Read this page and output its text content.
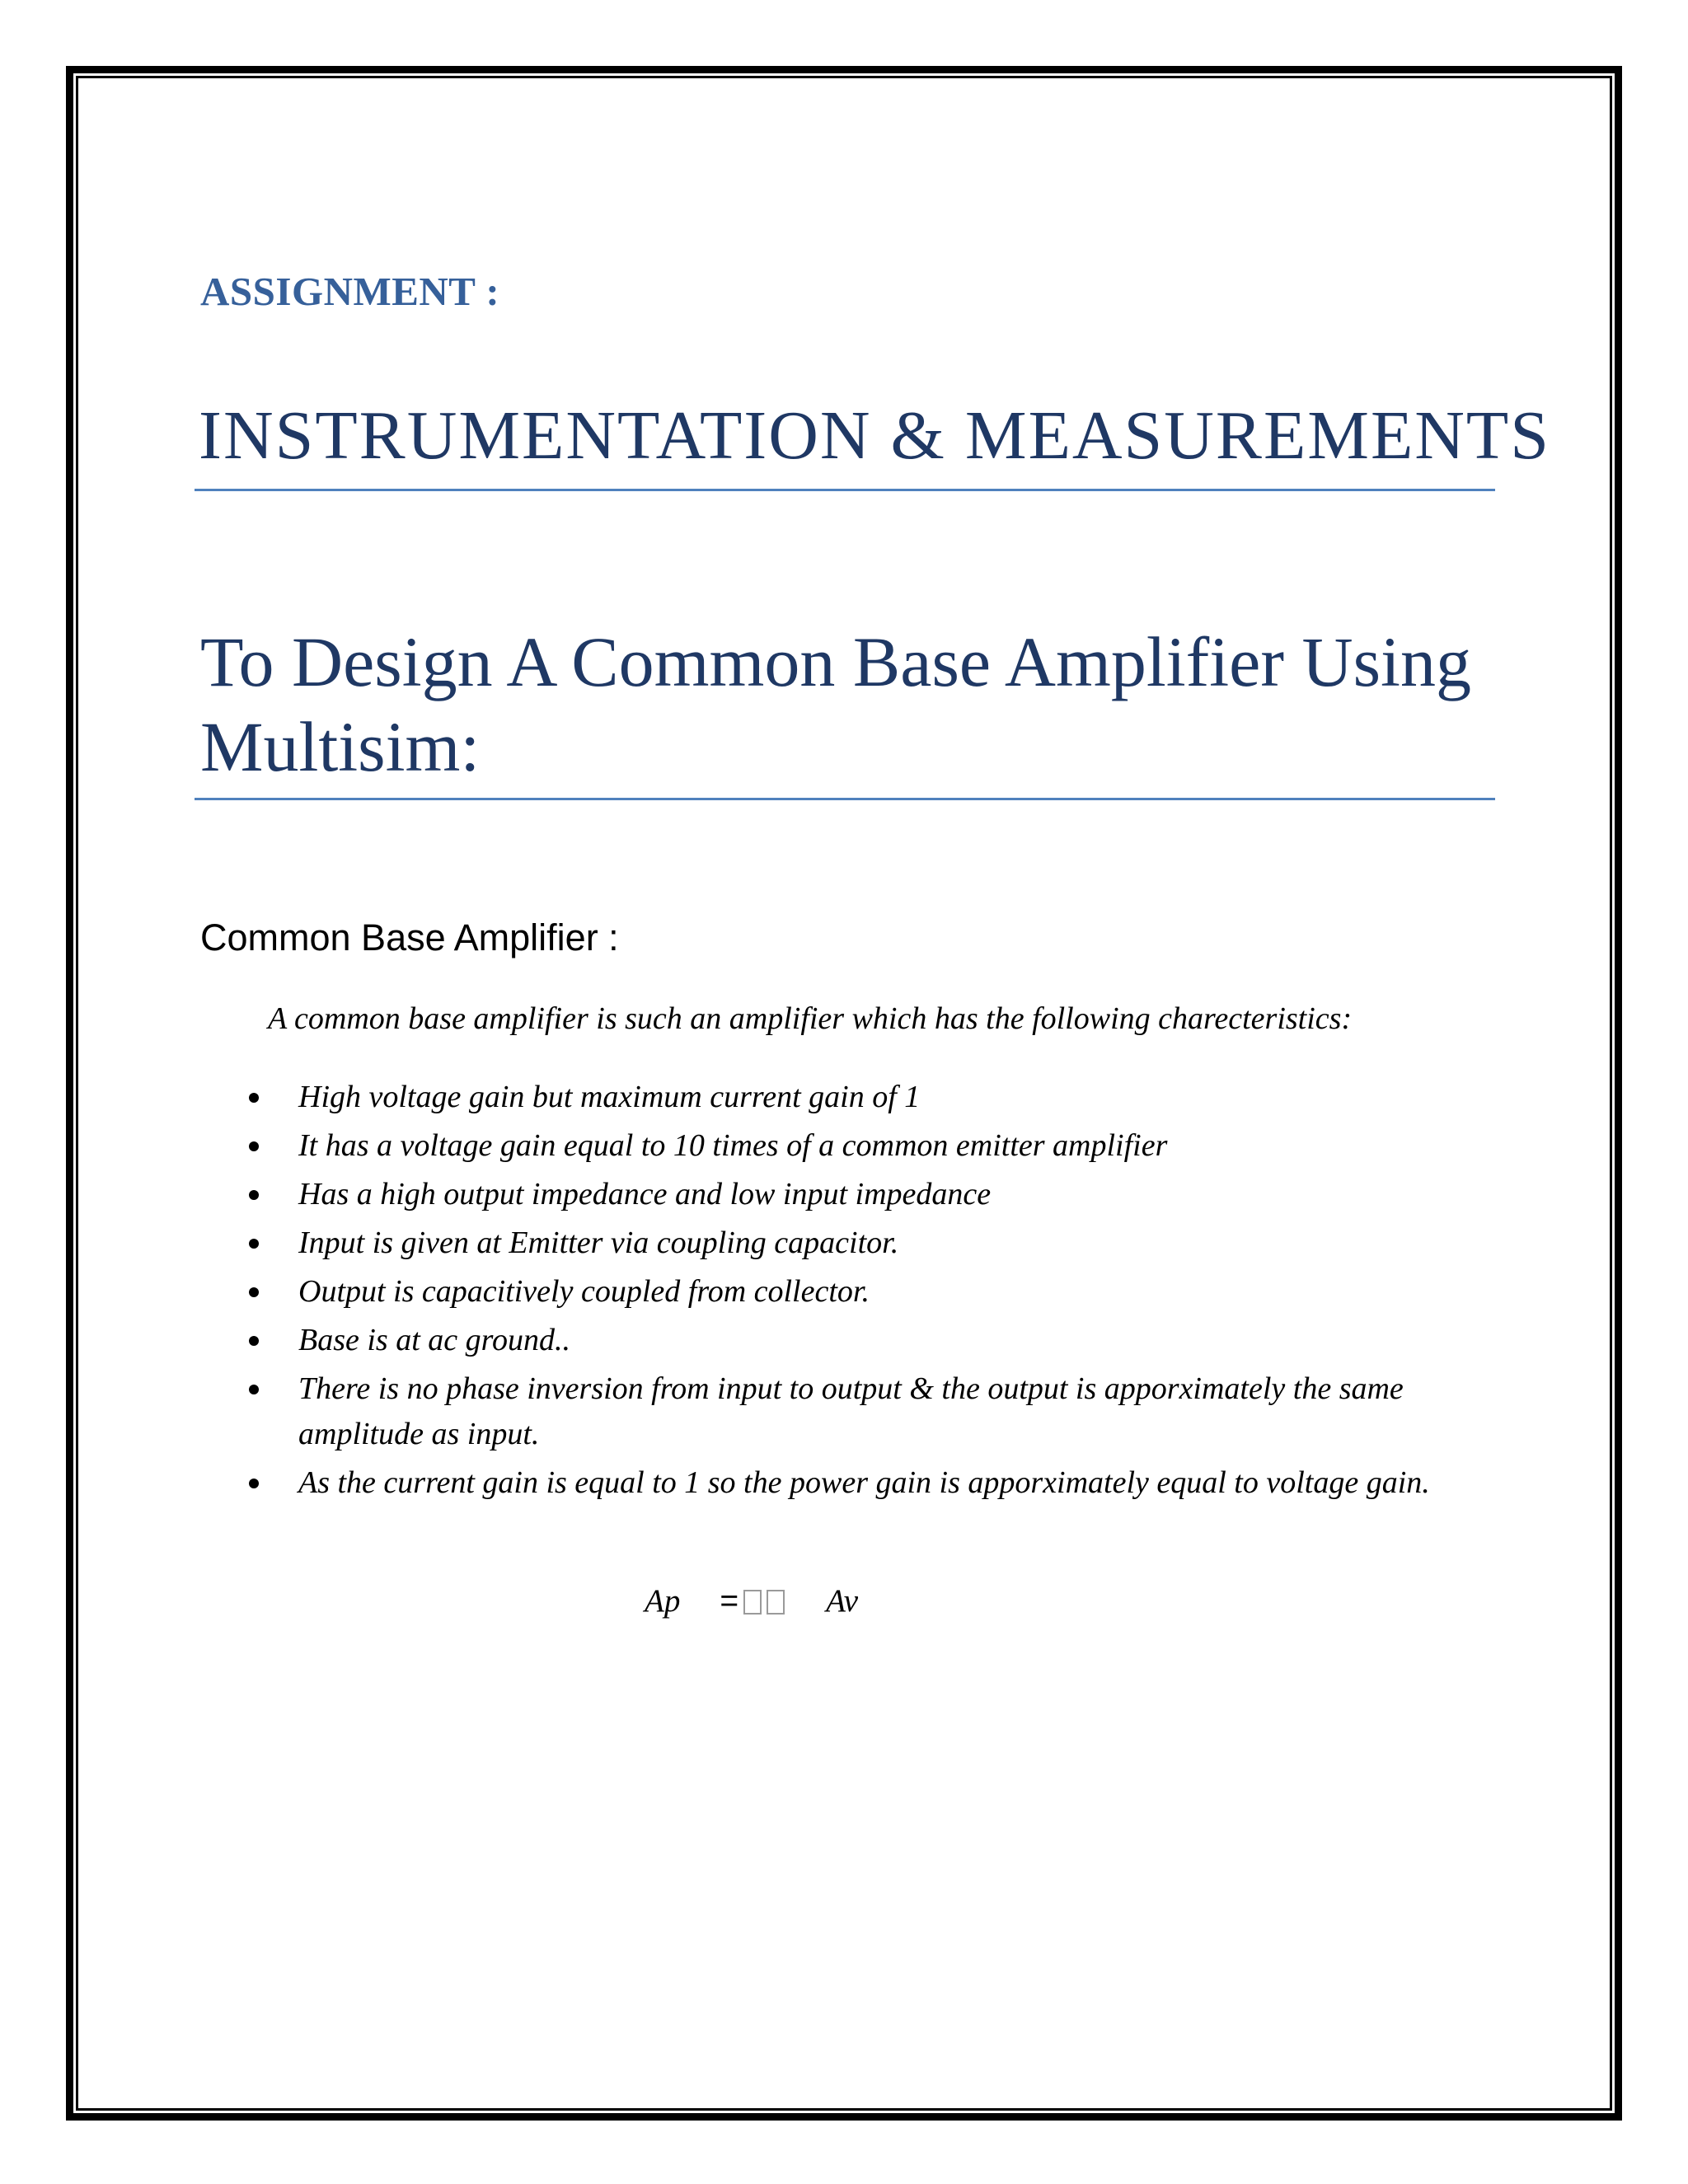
ASSIGNMENT :
INSTRUMENTATION & MEASUREMENTS
To Design A Common Base Amplifier Using Multisim:
Common Base Amplifier :
A common base amplifier is such an amplifier which has the following charecteristics:
High voltage gain but maximum current gain of 1
It has a voltage gain equal to 10 times of a common emitter amplifier
Has a high output impedance and low input impedance
Input is given at Emitter via coupling capacitor.
Output is capacitively coupled from collector.
Base is at ac ground..
There is no phase inversion from input to output & the output is apporximately the same amplitude as input.
As the current gain is equal to 1 so the power gain is apporximately equal to voltage gain.
Ap =	Av
